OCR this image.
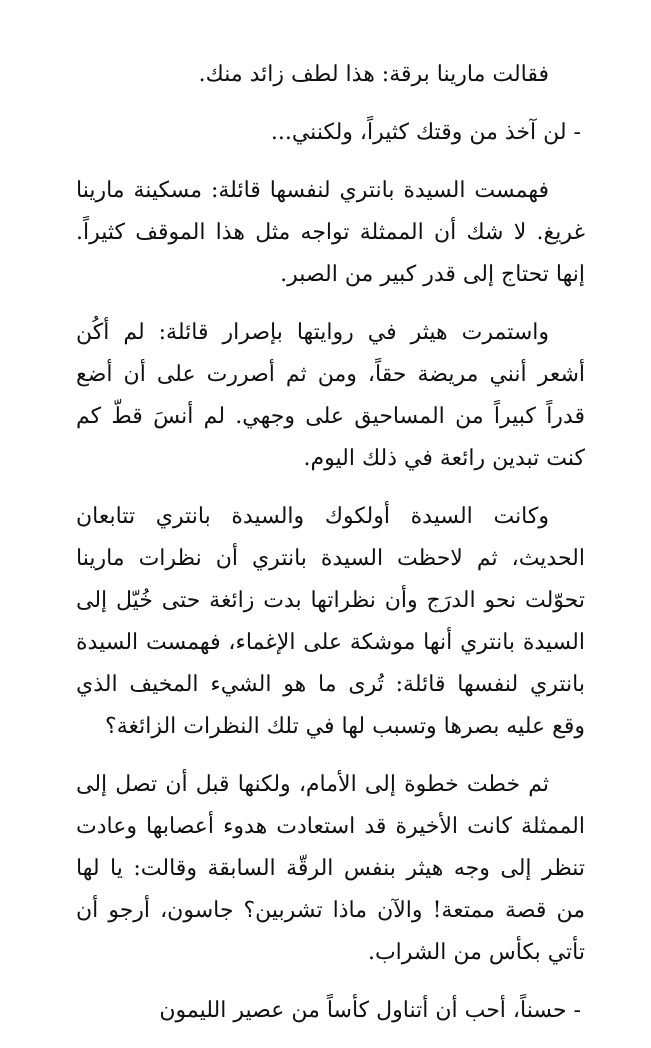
فقالت مارينا برقة: هذا لطف زائد منك.

- لن آخذ من وقتك كثيراً، ولكنني...

فهمست السيدة بانتري لنفسها قائلة: مسكينة مارينا غريغ. لا شك أن الممثلة تواجه مثل هذا الموقف كثيراً. إنها تحتاج إلى قدر كبير من الصبر.

واستمرت هيثر في روايتها بإصرار قائلة: لم أكُن أشعر أنني مريضة حقاً، ومن ثم أصررت على أن أضع قدراً كبيراً من المساحيق على وجهي. لم أنسَ قطّ كم كنت تبدين رائعة في ذلك اليوم.

وكانت السيدة أولكوك والسيدة بانتري تتابعان الحديث، ثم لاحظت السيدة بانتري أن نظرات مارينا تحوّلت نحو الدرَج وأن نظراتها بدت زائغة حتى خُيّل إلى السيدة بانتري أنها موشكة على الإغماء، فهمست السيدة بانتري لنفسها قائلة: تُرى ما هو الشيء المخيف الذي وقع عليه بصرها وتسبب لها في تلك النظرات الزائغة؟

ثم خطت خطوة إلى الأمام، ولكنها قبل أن تصل إلى الممثلة كانت الأخيرة قد استعادت هدوء أعصابها وعادت تنظر إلى وجه هيثر بنفس الرقّة السابقة وقالت: يا لها من قصة ممتعة! والآن ماذا تشربين؟ جاسون، أرجو أن تأتي بكأس من الشراب.

- حسناً، أحب أن أتناول كأساً من عصير الليمون
